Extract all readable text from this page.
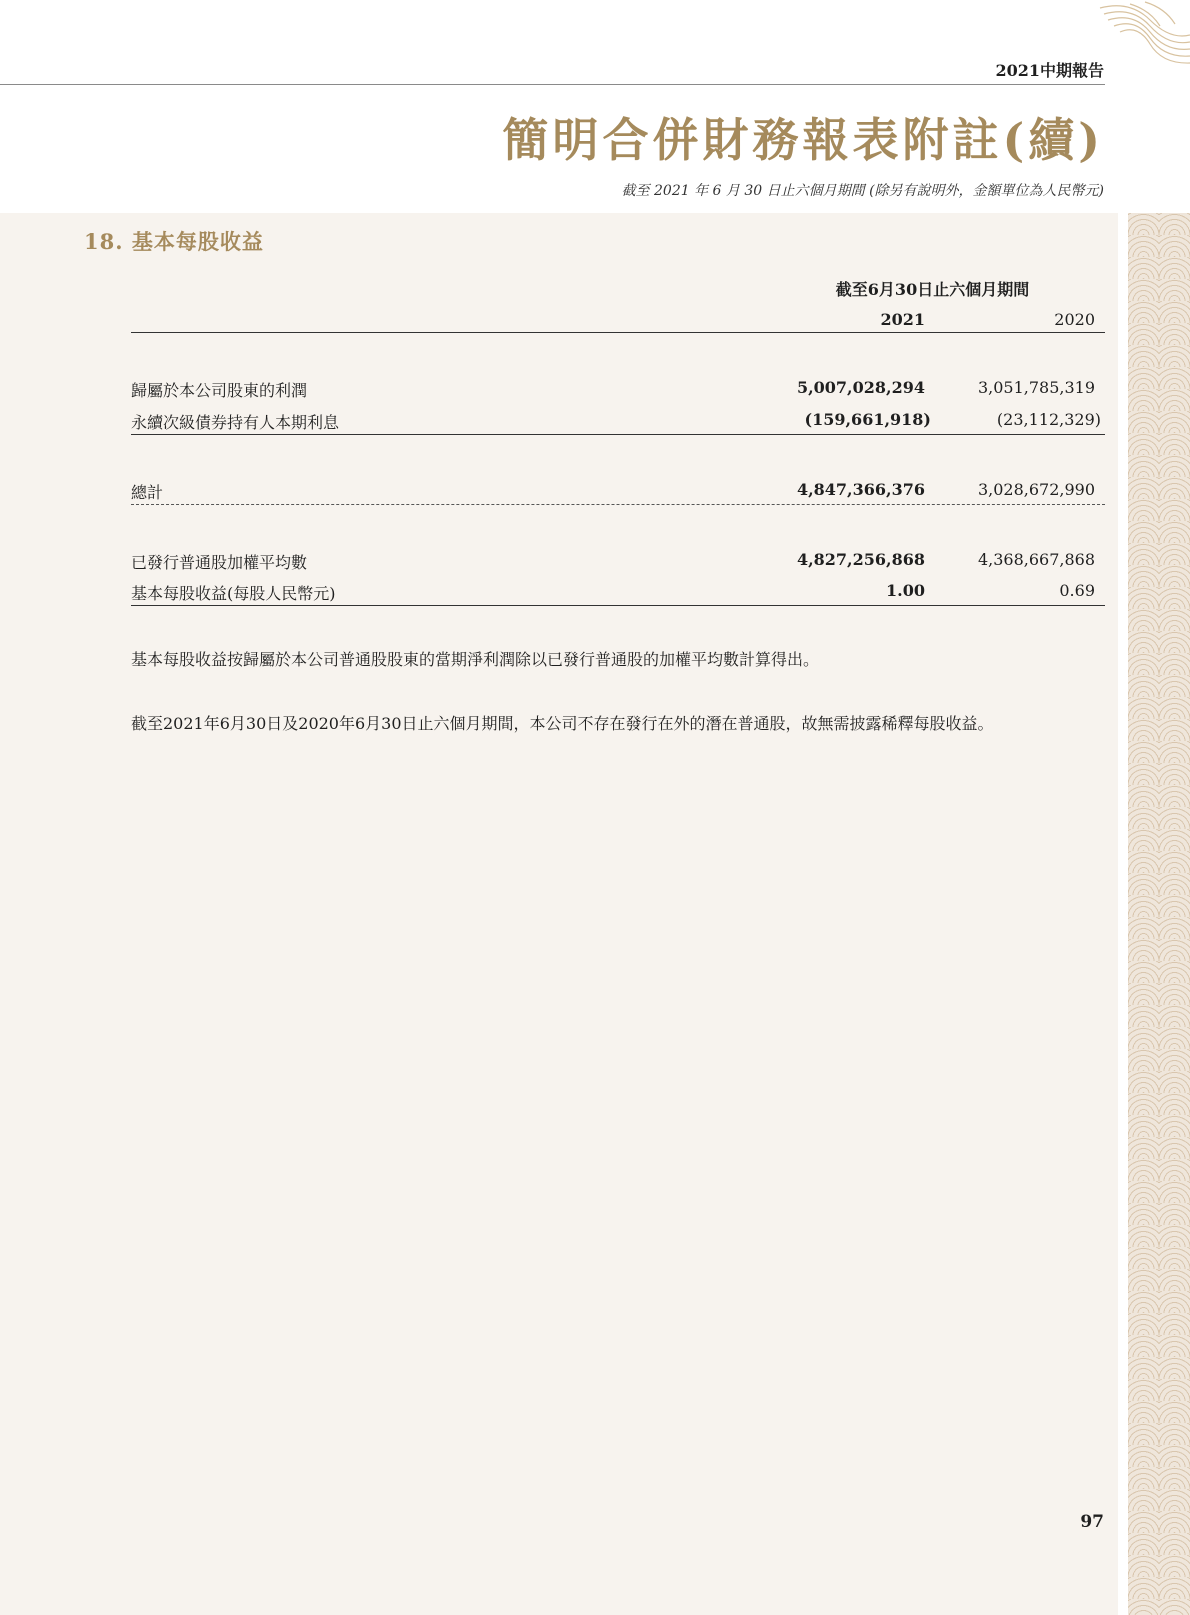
2021中期報告
簡明合併財務報表附註(續)
截至 2021 年 6 月 30 日止六個月期間 (除另有說明外，金額單位為人民幣元)
18. 基本每股收益
截至6月30日止六個月期間
2021	2020
歸屬於本公司股東的利潤	5,007,028,294	3,051,785,319
永續次級債券持有人本期利息	(159,661,918)	(23,112,329)
總計	4,847,366,376	3,028,672,990
已發行普通股加權平均數	4,827,256,868	4,368,667,868
基本每股收益(每股人民幣元)	1.00	0.69
基本每股收益按歸屬於本公司普通股股東的當期淨利潤除以已發行普通股的加權平均數計算得出。
截至2021年6月30日及2020年6月30日止六個月期間，本公司不存在發行在外的潛在普通股，故無需披露稀釋每股收益。
97
